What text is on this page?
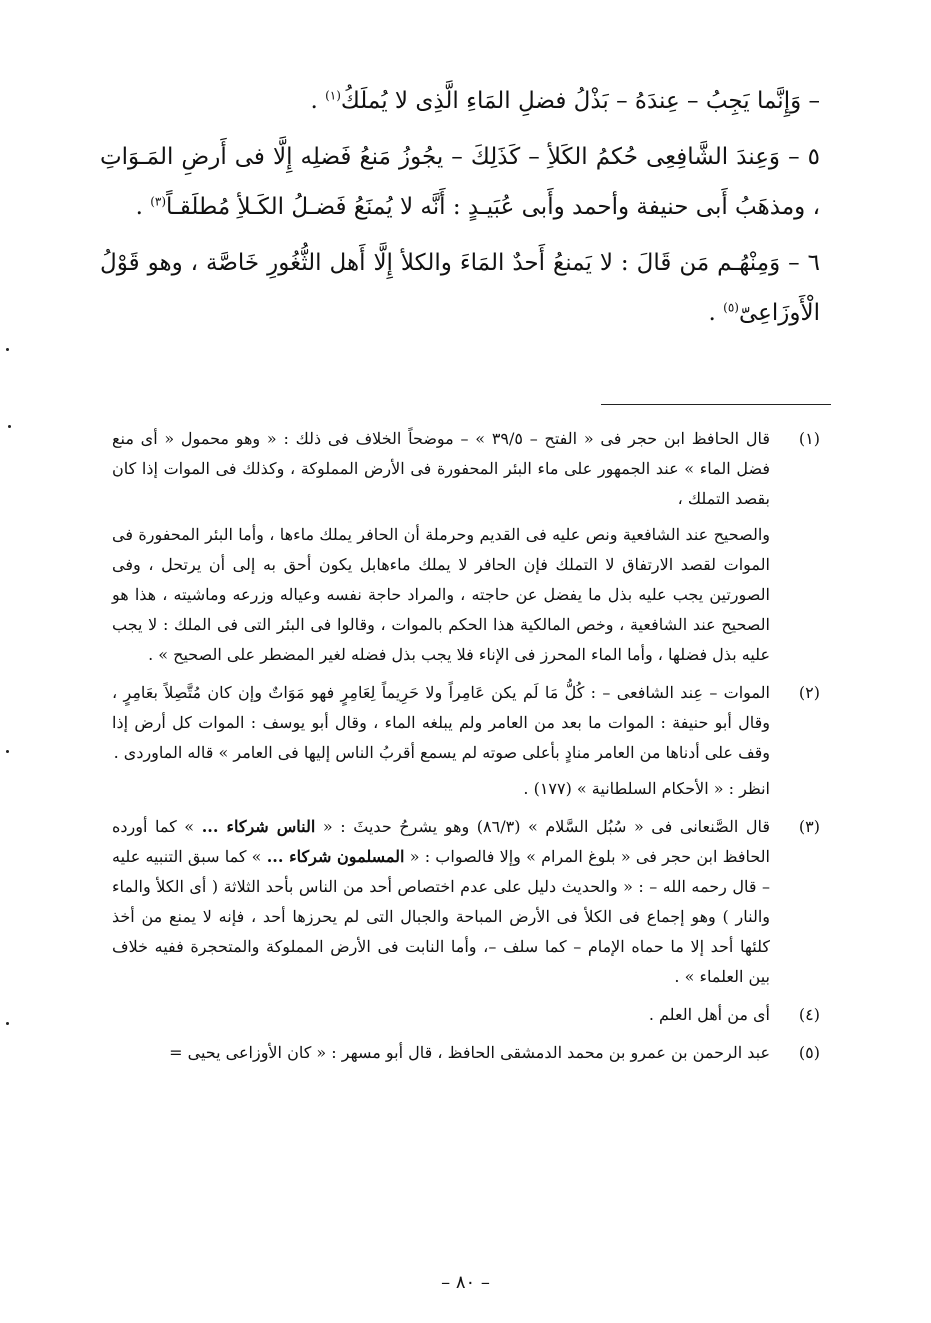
– وَإِنَّما يَجِبُ – عِندَهُ – بَذْلُ فضلِ المَاءِ الَّذِى لا يُملَكُ$^{(١)}$ .

٥ – وَعِندَ الشَّافِعِى حُكمُ الكَلأِ – كَذَلِكَ – يجُوزُ مَنعُ فَضلِه إِلَّا فى أَرضِ المَـوَاتِ ، ومذهَبُ أَبى حنيفة وأحمد وأَبى عُبَيـدٍ : أَنَّه لا يُمنَعُ فَضـلُ الكَـلأِ مُطلَقـاً$^{(٣)}$ .

٦ – وَمِنْهُـم مَن قَالَ : لا يَمنعُ أَحدٌ المَاءَ والكلأ إِلَّا أَهل الثُّغُورِ خَاصَّة ، وهو قَوْلُ الْأَوزَاعِىّ$^{(٥)}$ .

(١)

قال الحافظ ابن حجر فى « الفتح – ٣٩/٥ » – موضحاً الخلاف فى ذلك : « وهو محمول « أى منع فضل الماء » عند الجمهور على ماء البئر المحفورة فى الأرض المملوكة ، وكذلك فى الموات إذا كان بقصد التملك ،

والصحيح عند الشافعية ونص عليه فى القديم وحرملة أن الحافر يملك ماءها ، وأما البئر المحفورة فى الموات لقصد الارتفاق لا التملك فإن الحافر لا يملك ماءهابل يكون أحق به إلى أن يرتحل ، وفى الصورتين يجب عليه بذل ما يفضل عن حاجته ، والمراد حاجة نفسه وعياله وزرعه وماشيته ، هذا هو الصحيح عند الشافعية ، وخص المالكية هذا الحكم بالموات ، وقالوا فى البئر التى فى الملك : لا يجب عليه بذل فضلها ، وأما الماء المحرز فى الإناء فلا يجب بذل فضله لغير المضطر على الصحيح » .

(٢)

الموات – عِند الشافعى – : كُلُّ مَا لَم يكن عَامِراً ولا حَرِيماً لِعَامِرٍ فهو مَوَاتٌ وإن كان مُتَّصِلاً بعَامِرٍ ، وقال أبو حنيفة : الموات ما بعد من العامر ولم يبلغه الماء ، وقال أبو يوسف : الموات كل أرض إذا وقف على أدناها من العامر منادٍ بأعلى صوته لم يسمع أقربُ الناس إليها فى العامر » قاله الماوردى .

انظر : « الأحكام السلطانية » (١٧٧) .

(٣)

قال الصَّنعانى فى « سُبُل السَّلام » (٨٦/٣) وهو يشرحُ حديثَ : « الناس شركاء ... » كما أورده الحافظ ابن حجر فى « بلوغ المرام » وإلا فالصواب : « المسلمون شركاء ... » كما سبق التنبيه عليه – قال رحمه الله – : « والحديث دليل على عدم اختصاص أحد من الناس بأحد الثلاثة ( أى الكلأ والماء والنار ) وهو إجماع فى الكلأ فى الأرض المباحة والجبال التى لم يحرزها أحد ، فإنه لا يمنع من أخذ كلئها أحد إلا ما حماه الإمام – كما سلف –، وأما النابت فى الأرض المملوكة والمتحجرة ففيه خلاف بين العلماء » .

(٤)

أى من أهل العلم .

(٥)

عبد الرحمن بن عمرو بن محمد الدمشقى الحافظ ، قال أبو مسهر : « كان الأوزاعى يحيى =

– ٨٠ –
